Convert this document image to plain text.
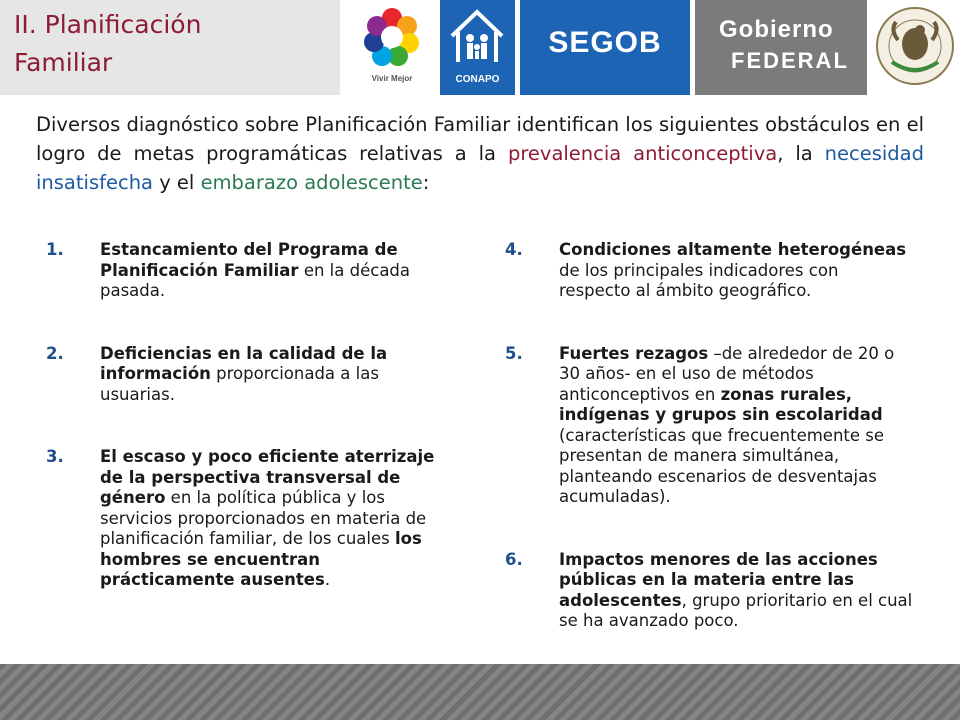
II. Planificación
Familiar
Vivir Mejor	CONAPO
SEGOB	Gobierno
FEDERAL
Diversos diagnóstico sobre Planificación Familiar identifican los siguientes obstáculos en el logro de metas programáticas relativas a la prevalencia anticonceptiva, la necesidad insatisfecha y el embarazo adolescente:
1. Estancamiento del Programa de Planificación Familiar en la década pasada.
2. Deficiencias en la calidad de la información proporcionada a las usuarias.
3. El escaso y poco eficiente aterrizaje de la perspectiva transversal de género en la política pública y los servicios proporcionados en materia de planificación familiar, de los cuales los hombres se encuentran prácticamente ausentes.
4. Condiciones altamente heterogéneas de los principales indicadores con respecto al ámbito geográfico.
5. Fuertes rezagos –de alrededor de 20 o 30 años- en el uso de métodos anticonceptivos en zonas rurales, indígenas y grupos sin escolaridad (características que frecuentemente se presentan de manera simultánea, planteando escenarios de desventajas acumuladas).
6. Impactos menores de las acciones públicas en la materia entre las adolescentes, grupo prioritario en el cual se ha avanzado poco.
